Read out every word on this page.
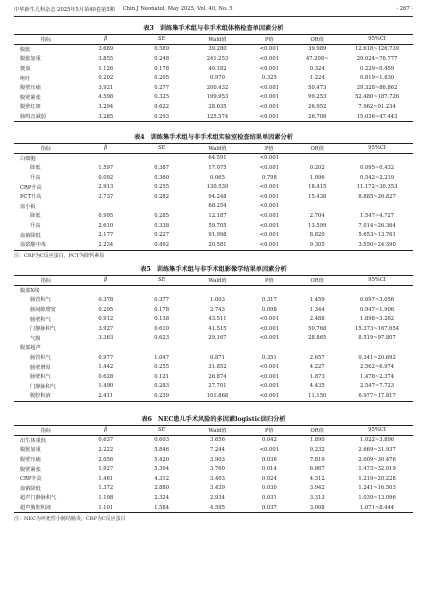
中华新生儿科杂志 2025年5月第40卷第5期 Chin J Neonatol, May 2025, Vol. 40, No. 5	· 267 ·
表3 训练集手术组与非手术组体格检查单因素分析
指标	β	SE	Wald值	P值	OR值	95%CI
腹胀	3.689	0.589	39.280	<0.001	39.989	12.618~126.739
腹胀加重	3.855	0.248	241.253	<0.001	47.208~	29.024~76.777
便血	1.126	0.178	40.182	<0.001	0.324	0.229~0.459
呕吐	0.202	0.205	0.970	0.325	1.224	0.819~1.830
腹壁压痛	3.921	0.277	200.432	<0.001	50.473	29.328~86.862
腹壁紧张	4.598	0.325	199.953	<0.001	99.253	52.480~187.726
腹壁红斑	3.294	0.622	28.035	<0.001	26.952	7.962~91.234
肠鸣音减弱	3.285	0.293	125.574	<0.001	26.708	15.036~47.443
表4 训练集手术组与非手术组实验室检查结果单因素分析
指标	β	SE	Wald值	P值	OR值	95%CI
白细胞			64.591	<0.001		
降低	1.597	0.387	17.075	<0.001	0.202	0.095~0.432
升高	0.092	0.360	0.065	0.798	1.096	0.542~2.219
CRP升高	2.913	0.255	130.539	<0.001	18.415	11.172~30.353
PCT升高	2.737	0.282	94.248	<0.001	15.438	8.885~26.827
血小板			68.254	<0.001		
降低	0.995	0.285	12.187	<0.001	2.704	1.547~4.727
升高	2.610	0.338	59.705	<0.001	13.599	7.014~26.364
血钠降低	2.177	0.227	91.998	<0.001	8.820	5.653~13.761
血浆酸中毒	2.234	0.492	20.581	<0.001	9.305	3.550~24.390
注：CRP为C反应蛋白，PCT为降钙素原
表5 训练集手术组与非手术组影像学结果单因素分析
指标	β	SE	Wald值	P值	OR值	95%CI
腹部X线						
肠管积气	0.378	0.377	1.003	0.317	1.459	0.697~3.056
肠间隙增宽	0.295	0.178	2.743	0.098	1.344	0.947~1.906
肠壁积气	0.912	0.138	43.511	<0.001	2.488	1.898~3.262
门静脉积气	3.927	0.610	41.515	<0.001	50.768	15.373~167.654
气腹	3.363	0.623	29.167	<0.001	28.865	8.519~97.807
腹部超声						
肠管积气	0.977	1.047	0.871	0.351	2.657	0.341~20.692
肠壁增厚	1.442	0.255	31.852	<0.001	4.227	2.562~6.974
肠壁积气	0.628	0.121	26.874	<0.001	1.873	1.478~2.374
门静脉积气	1.490	0.283	27.701	<0.001	4.435	2.547~7.723
腹腔积液	2.411	0.239	101.868	<0.001	11.150	6.977~17.817
表6 NEC患儿手术风险的多因素logistic回归分析
指标	β	SE	Wald值	P值	OR值	95%CI
出生体重低	0.637	0.603	3.656	0.042	1.890	1.022~3.896
腹胀加重	2.222	5.846	7.244	<0.001	9.232	2.669~31.937
腹壁压痛	2.056	5.420	3.903	0.036	7.819	2.009~30.476
腹壁紧张	1.927	5.394	3.760	0.014	6.867	1.473~32.019
CRP升高	1.461	4.312	3.403	0.024	4.312	1.219~20.228
血钠降低	1.372	2.880	3.439	0.030	3.942	1.241~16.503
超声门静脉积气	1.198	2.324	2.934	0.031	3.313	1.039~13.096
超声腹腔积液	1.101	1.584	4.595	0.037	3.008	1.071~8.444
注：NEC为坏死性小肠结肠炎，CRP为C反应蛋白
